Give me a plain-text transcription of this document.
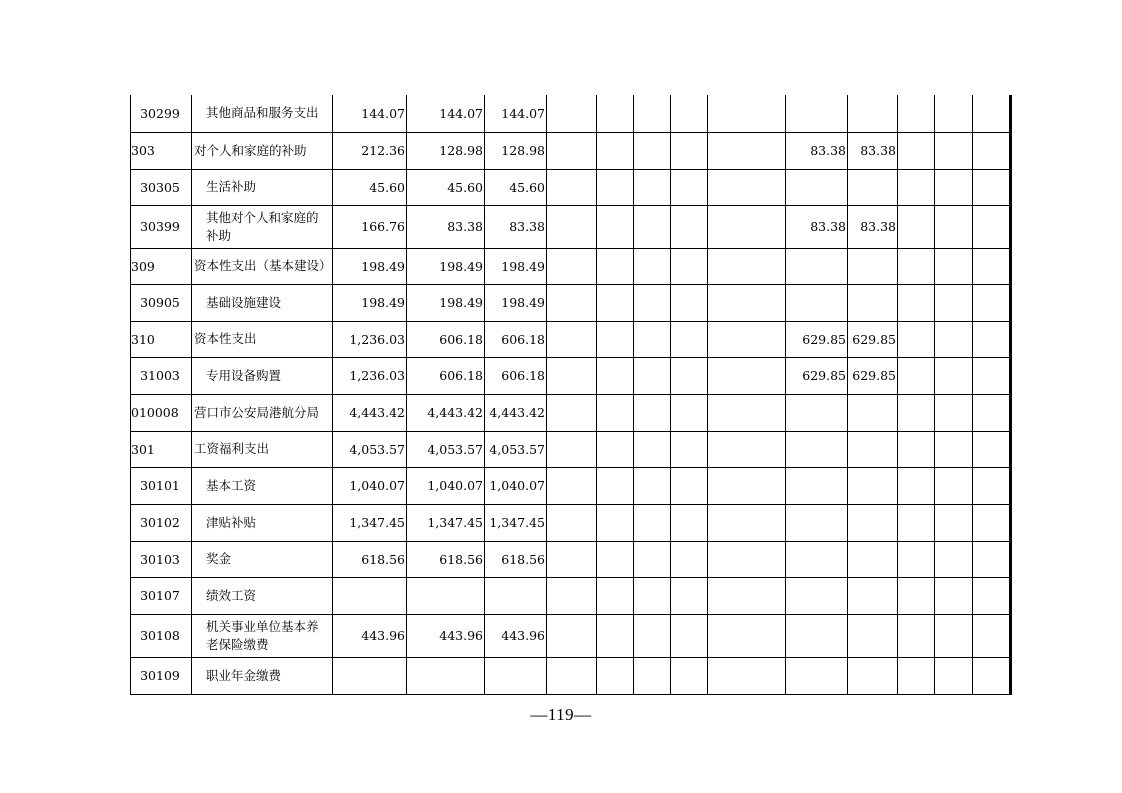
30299	其他商品和服务支出	144.07	144.07	144.07												
303	对个人和家庭的补助	212.36	128.98	128.98						83.38	83.38					
30305	生活补助	45.60	45.60	45.60												
30399	其他对个人和家庭的补助	166.76	83.38	83.38						83.38	83.38					
309	资本性支出（基本建设）	198.49	198.49	198.49												
30905	基础设施建设	198.49	198.49	198.49												
310	资本性支出	1,236.03	606.18	606.18						629.85	629.85					
31003	专用设备购置	1,236.03	606.18	606.18						629.85	629.85					
010008	营口市公安局港航分局	4,443.42	4,443.42	4,443.42												
301	工资福利支出	4,053.57	4,053.57	4,053.57												
30101	基本工资	1,040.07	1,040.07	1,040.07												
30102	津贴补贴	1,347.45	1,347.45	1,347.45												
30103	奖金	618.56	618.56	618.56												
30107	绩效工资															
30108	机关事业单位基本养老保险缴费	443.96	443.96	443.96												
30109	职业年金缴费															
—119—
